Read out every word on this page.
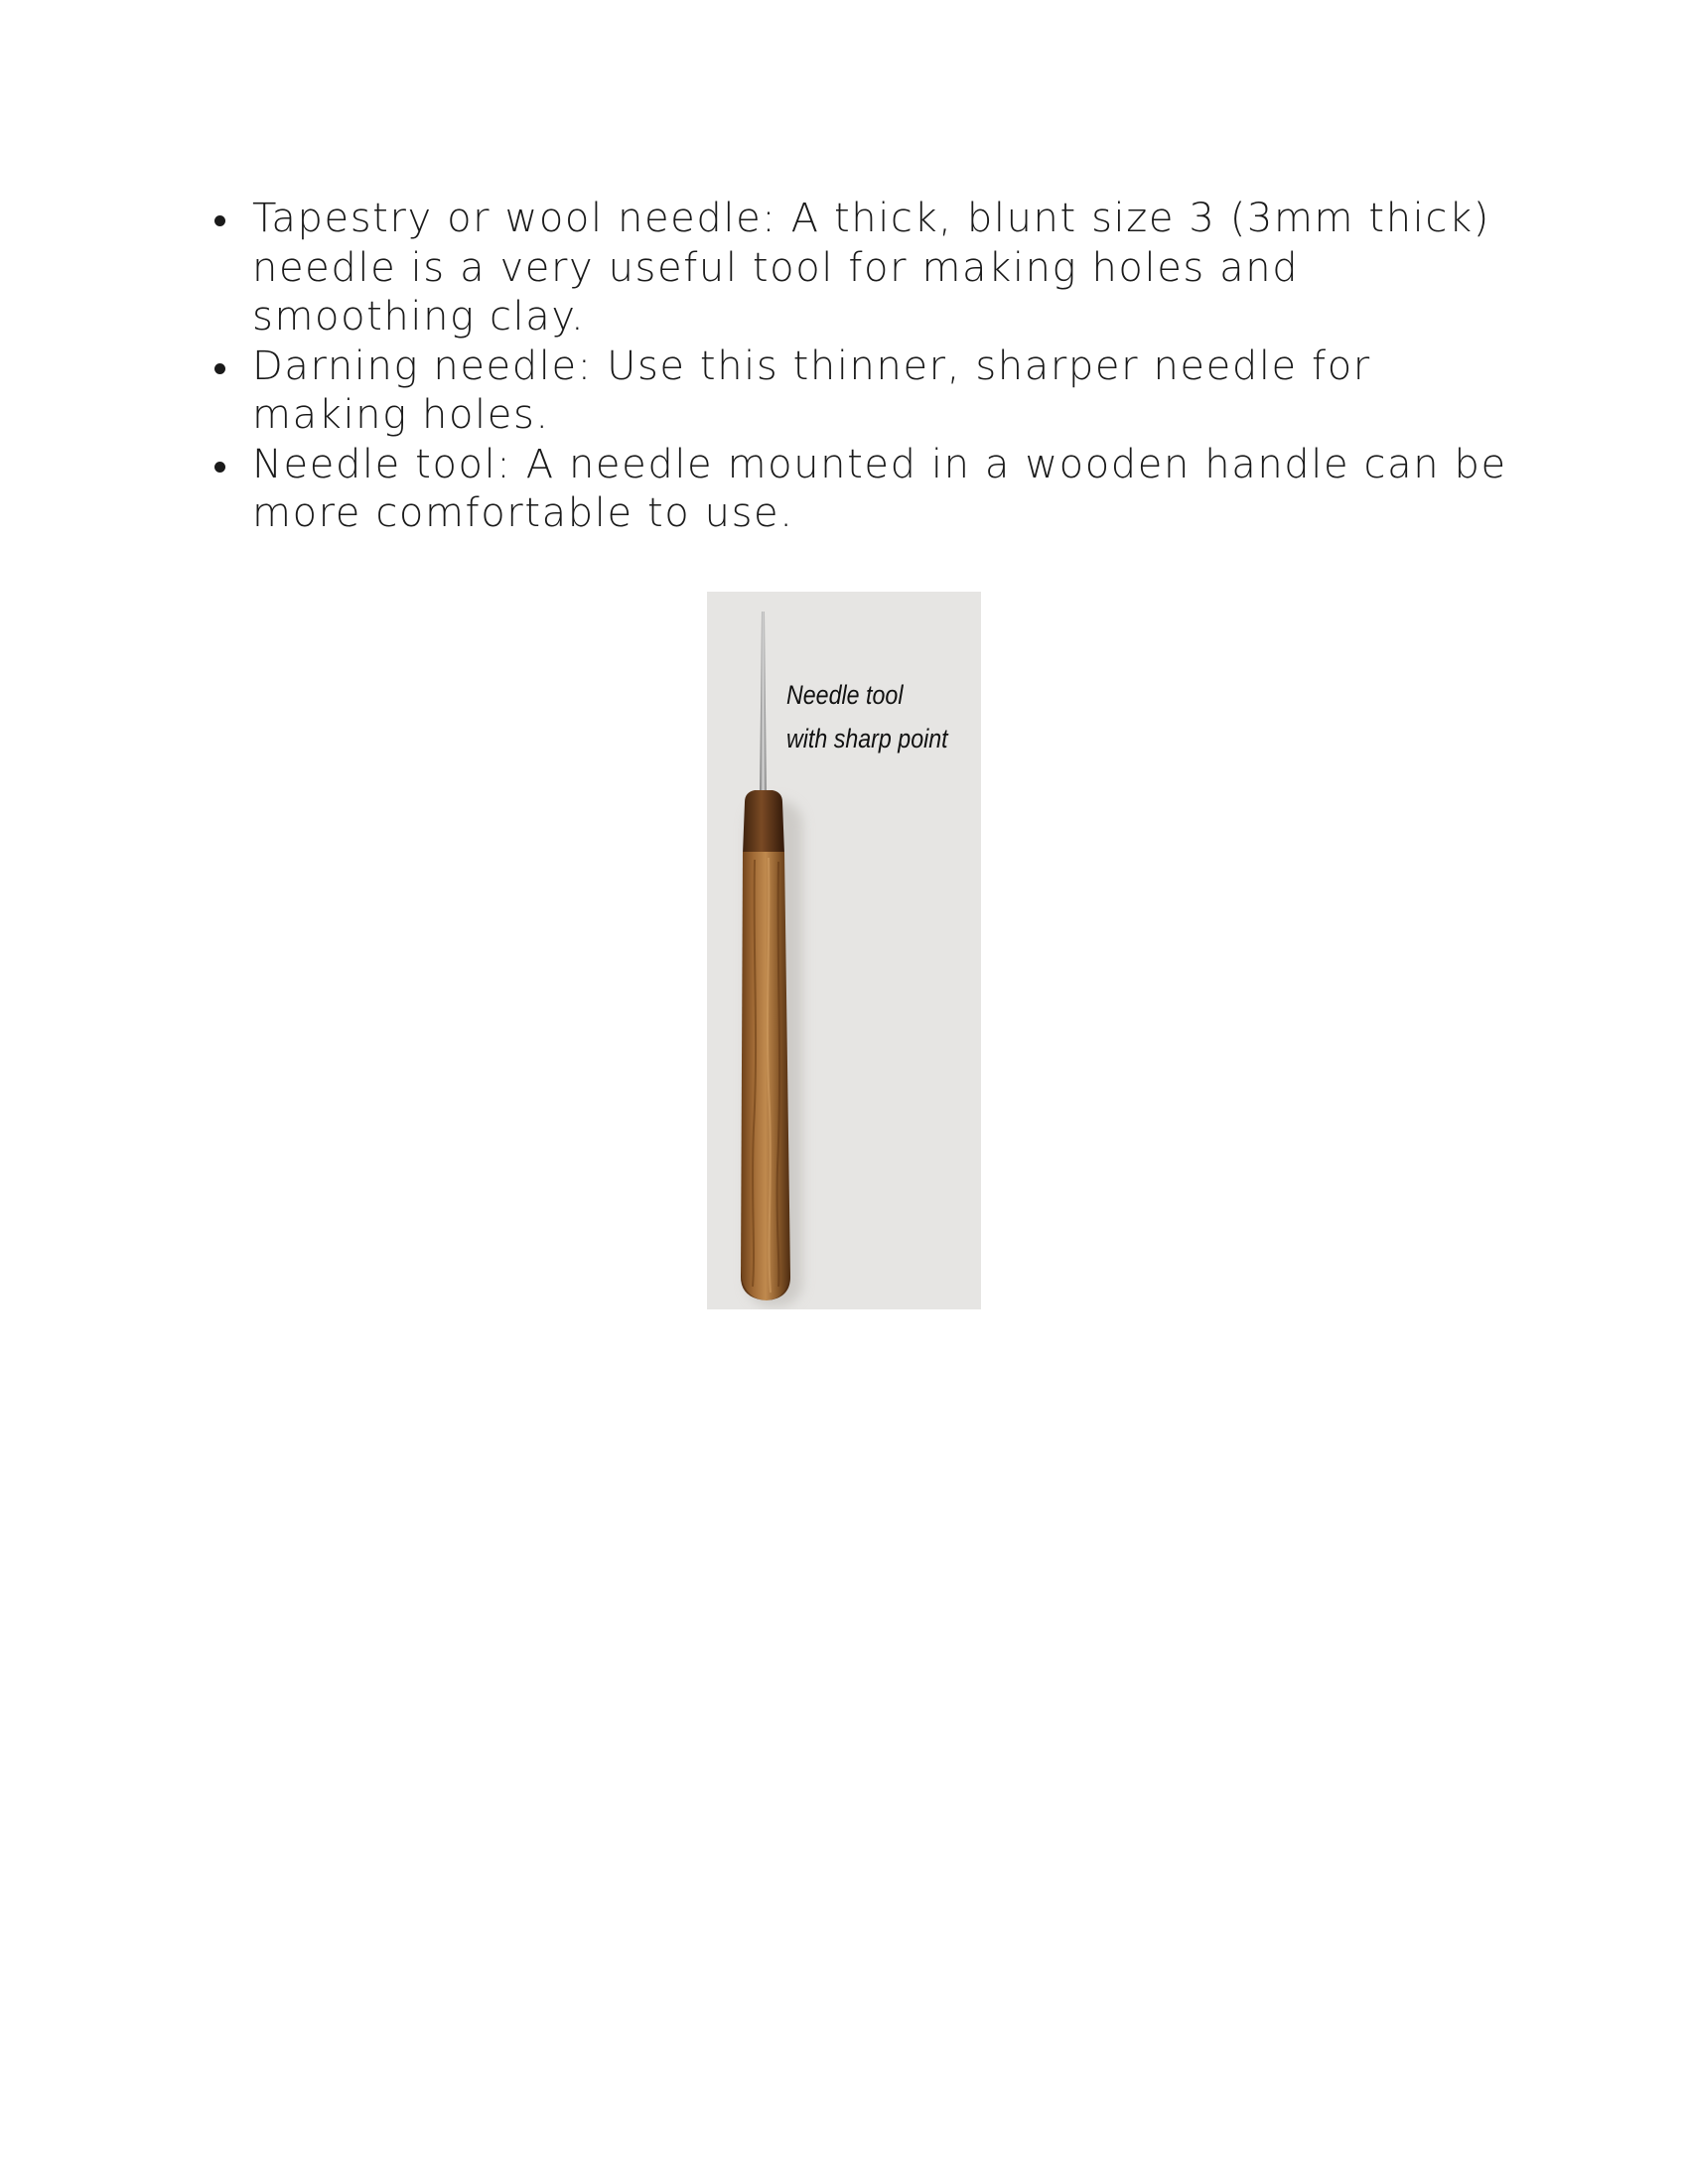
Tapestry or wool needle: A thick, blunt size 3 (3mm thick)
needle is a very useful tool for making holes and
smoothing clay.
Darning needle: Use this thinner, sharper needle for
making holes.
Needle tool: A needle mounted in a wooden handle can be
more comfortable to use.
Needle tool
with sharp point
